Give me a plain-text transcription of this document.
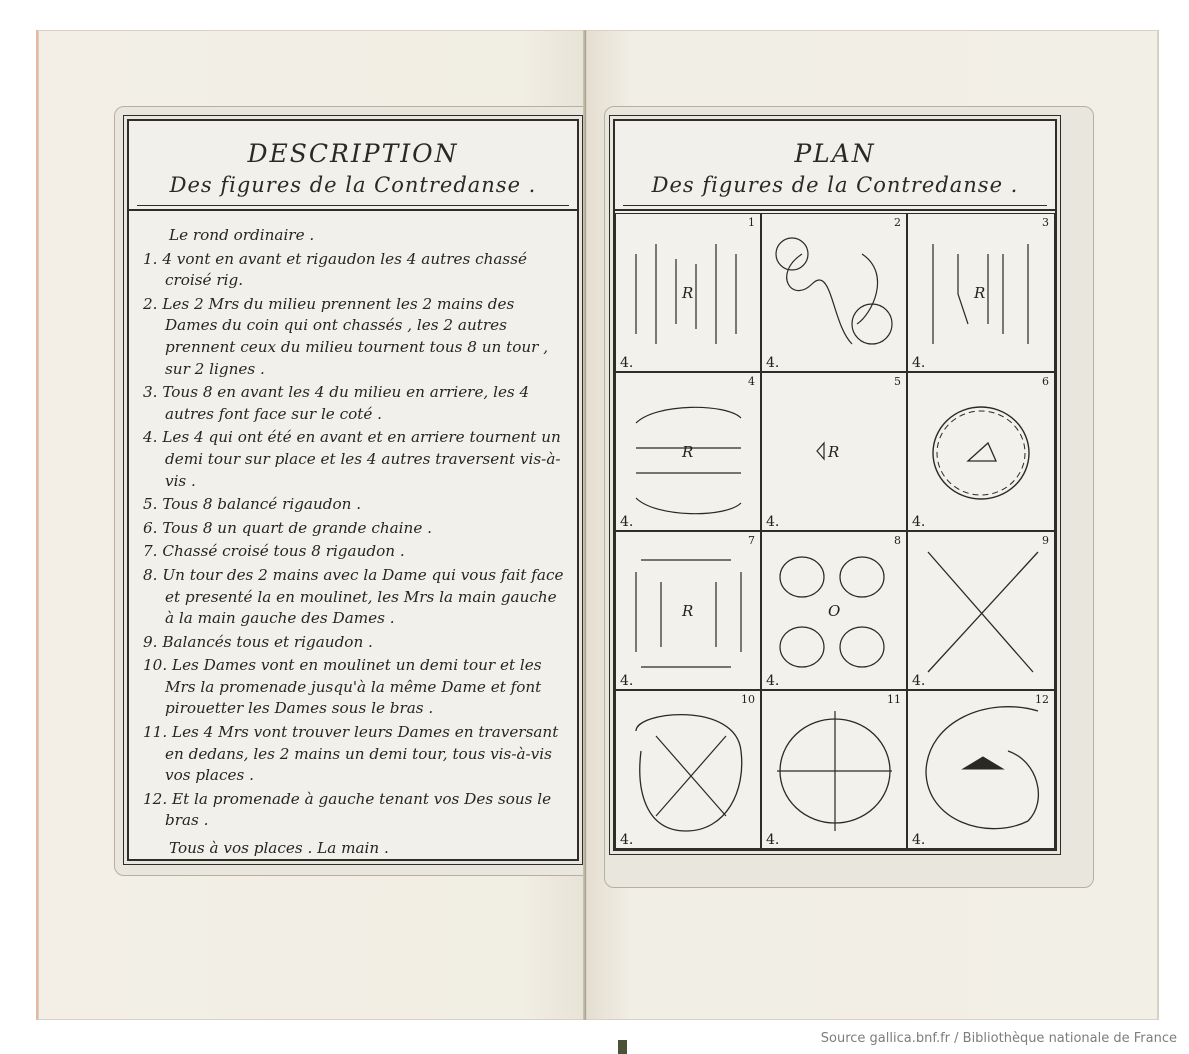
DESCRIPTION
Des figures de la Contredanse .

Le rond ordinaire .

1. 4 vont en avant et rigaudon les 4 autres chassé croisé rig.

2. Les 2 Mrs du milieu prennent les 2 mains des Dames du coin qui ont chassés , les 2 autres prennent ceux du milieu tournent tous 8 un tour , sur 2 lignes .

3. Tous 8 en avant les 4 du milieu en arriere, les 4 autres font face sur le coté .

4. Les 4 qui ont été en avant et en arriere tournent un demi tour sur place et les 4 autres traversent vis-à-vis .

5. Tous 8 balancé rigaudon .

6. Tous 8 un quart de grande chaine .

7. Chassé croisé tous 8 rigaudon .

8. Un tour des 2 mains avec la Dame qui vous fait face et presenté la en moulinet, les Mrs la main gauche à la main gauche des Dames .

9. Balancés tous et rigaudon .

10. Les Dames vont en moulinet un demi tour et les Mrs la promenade jusqu'à la même Dame et font pirouetter les Dames sous le bras .

11. Les 4 Mrs vont trouver leurs Dames en traversant en dedans, les 2 mains un demi tour, tous vis-à-vis vos places .

12. Et la promenade à gauche tenant vos Des sous le bras .

Tous à vos places . La main .

PLAN
Des figures de la Contredanse .
1
R
4.
2
4.
3
R
4.
4
R
4.
5
R
4.
6
4.
7
R
4.
8
O
4.
9
4.
10
4.
11
4.
12
4.
Source gallica.bnf.fr / Bibliothèque nationale de France
